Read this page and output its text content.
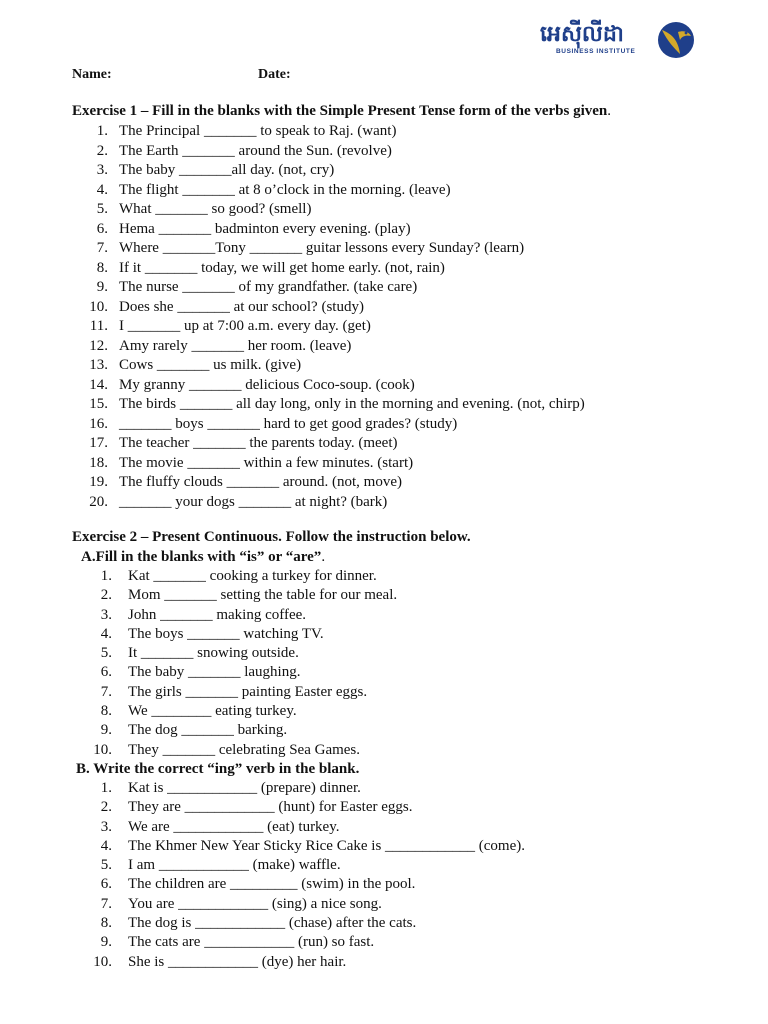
អេស៊ីលីដា
BUSINESS INSTITUTE
Name:	Date:
Exercise 1 – Fill in the blanks with the Simple Present Tense form of the verbs given.
1. The Principal _______ to speak to Raj. (want)
2. The Earth _______ around the Sun. (revolve)
3. The baby _______all day. (not, cry)
4. The flight _______ at 8 o’clock in the morning. (leave)
5. What _______ so good? (smell)
6. Hema _______ badminton every evening. (play)
7. Where _______Tony _______ guitar lessons every Sunday? (learn)
8. If it _______ today, we will get home early. (not, rain)
9. The nurse _______ of my grandfather. (take care)
10. Does she _______ at our school? (study)
11. I _______ up at 7:00 a.m. every day. (get)
12. Amy rarely _______ her room. (leave)
13. Cows _______ us milk. (give)
14. My granny _______ delicious Coco-soup. (cook)
15. The birds _______ all day long, only in the morning and evening. (not, chirp)
16. _______ boys _______ hard to get good grades? (study)
17. The teacher _______ the parents today. (meet)
18. The movie _______ within a few minutes. (start)
19. The fluffy clouds _______ around. (not, move)
20. _______ your dogs _______ at night? (bark)
Exercise 2 – Present Continuous. Follow the instruction below.
A.Fill in the blanks with “is” or “are”.
1. Kat _______ cooking a turkey for dinner.
2. Mom _______ setting the table for our meal.
3. John _______ making coffee.
4. The boys _______ watching TV.
5. It _______ snowing outside.
6. The baby _______ laughing.
7. The girls _______ painting Easter eggs.
8. We ________ eating turkey.
9. The dog _______ barking.
10. They _______ celebrating Sea Games.
B. Write the correct “ing” verb in the blank.
1. Kat is ____________ (prepare) dinner.
2. They are ____________ (hunt) for Easter eggs.
3. We are ____________ (eat) turkey.
4. The Khmer New Year Sticky Rice Cake is ____________ (come).
5. I am ____________ (make) waffle.
6. The children are _________ (swim) in the pool.
7. You are ____________ (sing) a nice song.
8. The dog is ____________ (chase) after the cats.
9. The cats are ____________ (run) so fast.
10. She is ____________ (dye) her hair.
